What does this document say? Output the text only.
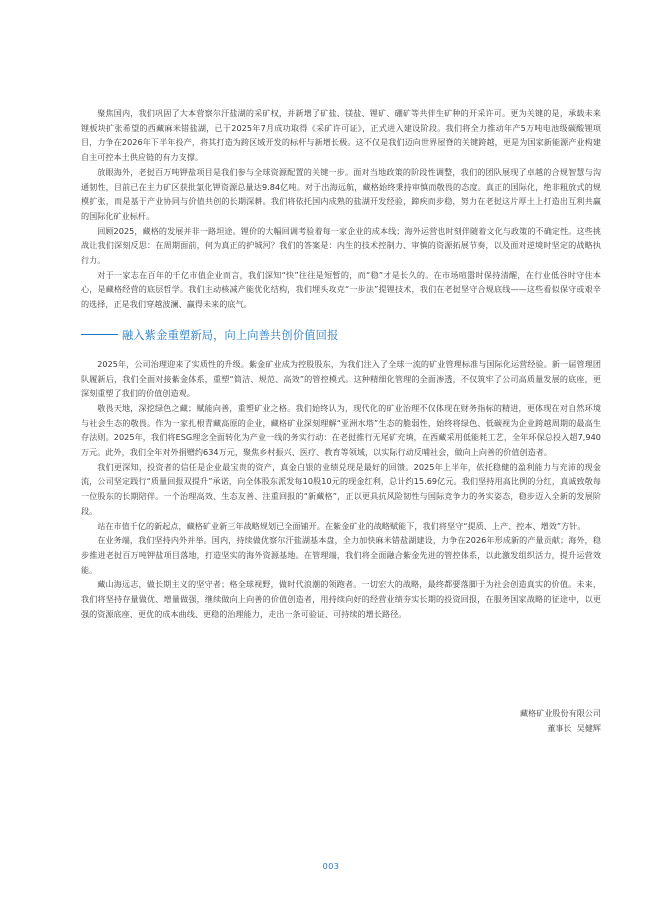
聚焦国内，我们巩固了大本营察尔汗盐湖的采矿权，并新增了矿盐、镁盐、锂矿、硼矿等共伴生矿种的开采许可。更为关键的是，承载未来锂板块扩张希望的西藏麻米错盐湖，已于2025年7月成功取得《采矿许可证》，正式进入建设阶段。我们将全力推动年产5万吨电池级碳酸锂项目，力争在2026年下半年投产，将其打造为跨区域开发的标杆与新增长极。这不仅是我们迈向世界屋脊的关键跨越，更是为国家新能源产业构建自主可控本土供应链的有力支撑。

放眼海外，老挝百万吨钾盐项目是我们参与全球资源配置的关键一步。面对当地政策的阶段性调整，我们的团队展现了卓越的合规智慧与沟通韧性，目前已在主力矿区获批氯化钾资源总量达9.84亿吨。对于出海远航，藏格始终秉持审慎而敬畏的态度。真正的国际化，绝非粗放式的规模扩张，而是基于产业协同与价值共创的长期深耕。我们将依托国内成熟的盐湖开发经验，蹄疾而步稳，努力在老挝这片厚土上打造出互利共赢的国际化矿业标杆。

回顾2025，藏格的发展并非一路坦途。锂价的大幅回调考验着每一家企业的成本线；海外运营也时刻伴随着文化与政策的不确定性。这些挑战让我们深刻反思：在周期面前，何为真正的护城河？我们的答案是：内生的技术控制力、审慎的资源拓展节奏，以及面对逆境时坚定的战略执行力。

对于一家志在百年的千亿市值企业而言，我们深知“快”往往是短暂的，而“稳”才是长久的。在市场喧嚣时保持清醒，在行业低谷时守住本心，是藏格经营的底层哲学。我们主动核减产能优化结构，我们埋头攻克“一步法”提锂技术，我们在老挝坚守合规底线——这些看似保守或艰辛的选择，正是我们穿越波澜、赢得未来的底气。

融入紫金重塑新局，向上向善共创价值回报

2025年，公司治理迎来了实质性的升级。紫金矿业成为控股股东，为我们注入了全球一流的矿业管理标准与国际化运营经验。新一届管理团队履新后，我们全面对接紫金体系，重塑“简洁、规范、高效”的管控模式。这种精细化管理的全面渗透，不仅筑牢了公司高质量发展的底座，更深刻重塑了我们的价值创造观。

敬畏天地，深挖绿色之藏；赋能向善，重塑矿业之格。我们始终认为，现代化的矿业治理不仅体现在财务指标的精进，更体现在对自然环境与社会生态的敬畏。作为一家扎根青藏高原的企业，藏格矿业深刻理解“亚洲水塔”生态的脆弱性，始终将绿色、低碳视为企业跨越周期的最高生存法则。2025年，我们将ESG理念全面转化为产业一线的务实行动：在老挝推行无尾矿充填，在西藏采用低能耗工艺，全年环保总投入超7,940万元。此外，我们全年对外捐赠约634万元，聚焦乡村振兴、医疗、教育等领域，以实际行动反哺社会，做向上向善的价值创造者。

我们更深知，投资者的信任是企业最宝贵的资产，真金白银的业绩兑现是最好的回馈。2025年上半年，依托稳健的盈利能力与充沛的现金流，公司坚定践行“质量回报双提升”承诺，向全体股东派发每10股10元的现金红利，总计约15.69亿元。我们坚持用高比例的分红，真诚致敬每一位股东的长期陪伴。一个治理高效、生态友善、注重回报的“新藏格”，正以更具抗风险韧性与国际竞争力的务实姿态，稳步迈入全新的发展阶段。

站在市值千亿的新起点，藏格矿业新三年战略规划已全面铺开。在紫金矿业的战略赋能下，我们将坚守“提质、上产、控本、增效”方针。

在业务端，我们坚持内外并举。国内，持续做优察尔汗盐湖基本盘，全力加快麻米错盐湖建设，力争在2026年形成新的产量贡献；海外，稳步推进老挝百万吨钾盐项目落地，打造坚实的海外资源基地。在管理端，我们将全面融合紫金先进的管控体系，以此激发组织活力，提升运营效能。

藏山海远志，做长期主义的坚守者；格全球视野，做时代浪潮的领跑者。一切宏大的战略，最终都要落脚于为社会创造真实的价值。未来，我们将坚持存量做优、增量做强，继续做向上向善的价值创造者，用持续向好的经营业绩夯实长期的投资回报，在服务国家战略的征途中，以更强的资源底座、更优的成本曲线、更稳的治理能力，走出一条可验证、可持续的增长路径。

藏格矿业股份有限公司
董事长  吴健辉
003
